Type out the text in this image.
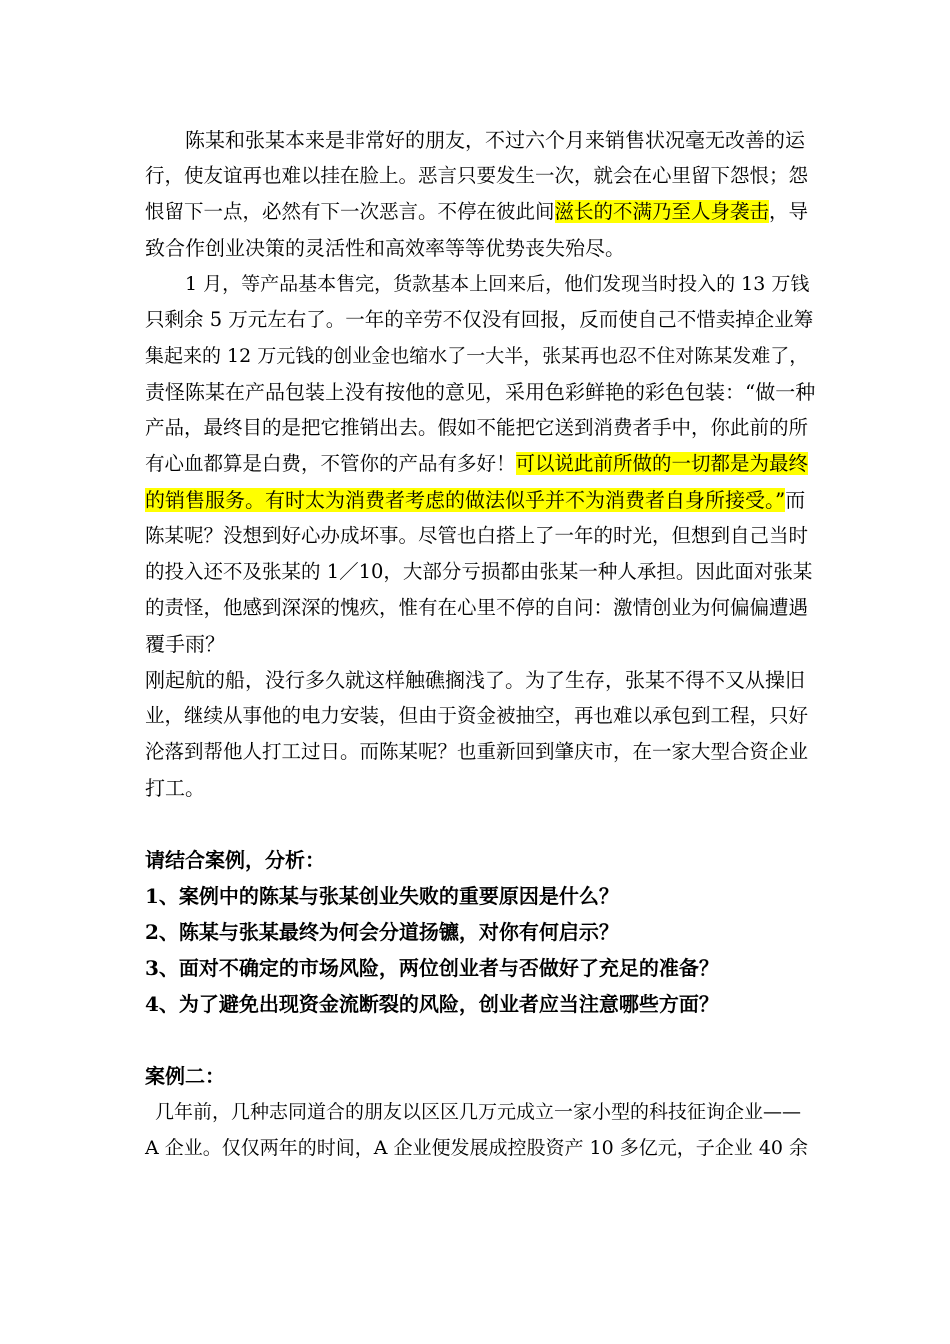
陈某和张某本来是非常好的朋友，不过六个月来销售状况毫无改善的运
行，使友谊再也难以挂在脸上。恶言只要发生一次，就会在心里留下怨恨；怨
恨留下一点，必然有下一次恶言。不停在彼此间滋长的不满乃至人身袭击，导
致合作创业决策的灵活性和高效率等等优势丧失殆尽。
1 月，等产品基本售完，货款基本上回来后，他们发现当时投入的 13 万钱
只剩余 5 万元左右了。一年的辛劳不仅没有回报，反而使自己不惜卖掉企业筹
集起来的 12 万元钱的创业金也缩水了一大半，张某再也忍不住对陈某发难了，
责怪陈某在产品包装上没有按他的意见，采用色彩鲜艳的彩色包装：“做一种
产品，最终目的是把它推销出去。假如不能把它送到消费者手中，你此前的所
有心血都算是白费，不管你的产品有多好！可以说此前所做的一切都是为最终
的销售服务。有时太为消费者考虑的做法似乎并不为消费者自身所接受。”而
陈某呢？没想到好心办成坏事。尽管也白搭上了一年的时光，但想到自己当时
的投入还不及张某的 1／10，大部分亏损都由张某一种人承担。因此面对张某
的责怪，他感到深深的愧疚，惟有在心里不停的自问：激情创业为何偏偏遭遇
覆手雨？
刚起航的船，没行多久就这样触礁搁浅了。为了生存，张某不得不又从操旧
业，继续从事他的电力安装，但由于资金被抽空，再也难以承包到工程，只好
沦落到帮他人打工过日。而陈某呢？也重新回到肇庆市，在一家大型合资企业
打工。
请结合案例，分析：
1、案例中的陈某与张某创业失败的重要原因是什么？
2、陈某与张某最终为何会分道扬镳，对你有何启示？
3、面对不确定的市场风险，两位创业者与否做好了充足的准备？
4、为了避免出现资金流断裂的风险，创业者应当注意哪些方面？
案例二：
几年前，几种志同道合的朋友以区区几万元成立一家小型的科技征询企业——
A 企业。仅仅两年的时间，A 企业便发展成控股资产 10 多亿元，子企业 40 余
